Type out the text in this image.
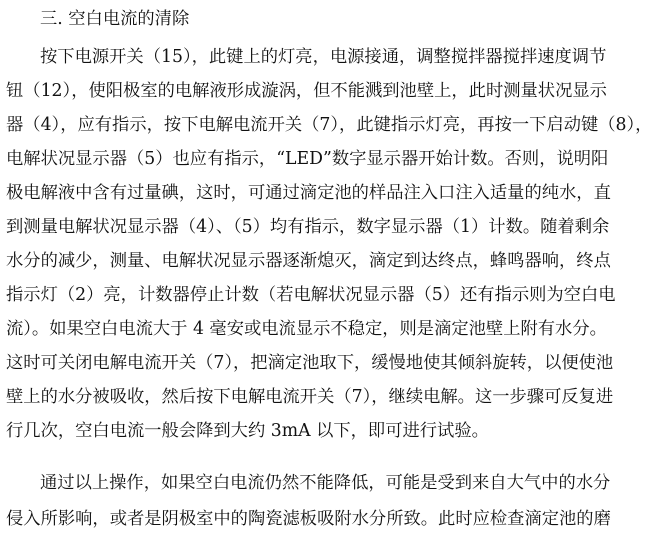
三. 空白电流的清除
按下电源开关（15），此键上的灯亮，电源接通，调整搅拌器搅拌速度调节
钮（12），使阳极室的电解液形成漩涡，但不能溅到池壁上，此时测量状况显示
器（4），应有指示，按下电解电流开关（7），此键指示灯亮，再按一下启动键（8），
电解状况显示器（5）也应有指示，“LED”数字显示器开始计数。否则，说明阳
极电解液中含有过量碘，这时，可通过滴定池的样品注入口注入适量的纯水，直
到测量电解状况显示器（4）、（5）均有指示，数字显示器（1）计数。随着剩余
水分的减少，测量、电解状况显示器逐渐熄灭，滴定到达终点，蜂鸣器响，终点
指示灯（2）亮，计数器停止计数（若电解状况显示器（5）还有指示则为空白电
流）。如果空白电流大于 4 毫安或电流显示不稳定，则是滴定池壁上附有水分。
这时可关闭电解电流开关（7），把滴定池取下，缓慢地使其倾斜旋转，以便使池
壁上的水分被吸收，然后按下电解电流开关（7），继续电解。这一步骤可反复进
行几次，空白电流一般会降到大约 3mA 以下，即可进行试验。
通过以上操作，如果空白电流仍然不能降低，可能是受到来自大气中的水分
侵入所影响，或者是阴极室中的陶瓷滤板吸附水分所致。此时应检查滴定池的磨
